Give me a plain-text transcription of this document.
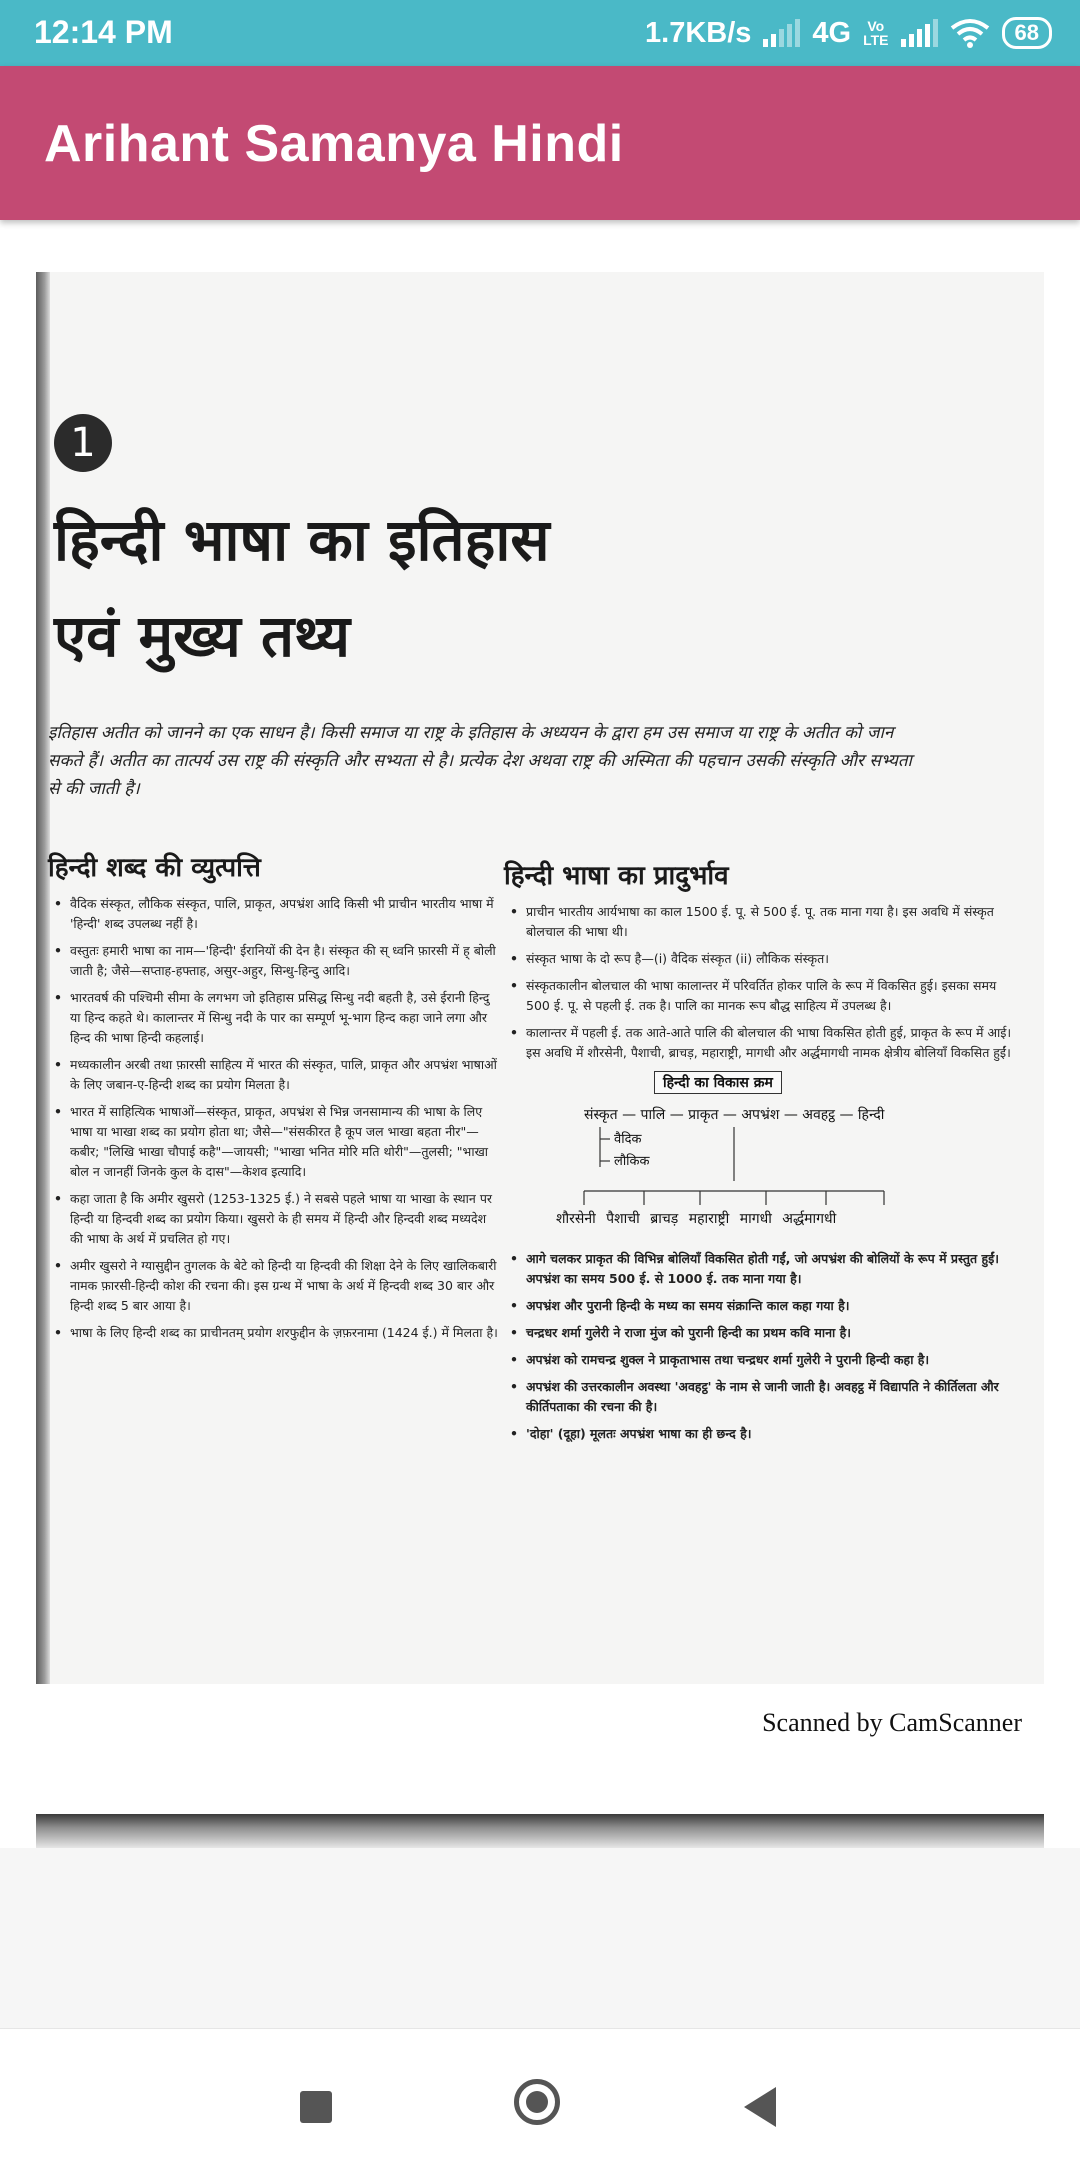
12:14 PM	1.7KB/s 4G	Vo
LTE	68
Arihant Samanya Hindi
1
हिन्दी भाषा का इतिहास
एवं मुख्य तथ्य

इतिहास अतीत को जानने का एक साधन है। किसी समाज या राष्ट्र के इतिहास के अध्ययन के द्वारा हम उस समाज या राष्ट्र के अतीत को जान सकते हैं। अतीत का तात्पर्य उस राष्ट्र की संस्कृति और सभ्यता से है। प्रत्येक देश अथवा राष्ट्र की अस्मिता की पहचान उसकी संस्कृति और सभ्यता से की जाती है।

हिन्दी शब्द की व्युत्पत्ति
• वैदिक संस्कृत, लौकिक संस्कृत, पालि, प्राकृत, अपभ्रंश आदि किसी भी प्राचीन भारतीय भाषा में 'हिन्दी' शब्द उपलब्ध नहीं है।
• वस्तुतः हमारी भाषा का नाम—'हिन्दी' ईरानियों की देन है। संस्कृत की स् ध्वनि फ़ारसी में ह् बोली जाती है; जैसे—सप्ताह-हफ्ताह, असुर-अहुर, सिन्धु-हिन्दु आदि।
• भारतवर्ष की पश्चिमी सीमा के लगभग जो इतिहास प्रसिद्ध सिन्धु नदी बहती है, उसे ईरानी हिन्दु या हिन्द कहते थे। कालान्तर में सिन्धु नदी के पार का सम्पूर्ण भू-भाग हिन्द कहा जाने लगा और हिन्द की भाषा हिन्दी कहलाई।
• मध्यकालीन अरबी तथा फ़ारसी साहित्य में भारत की संस्कृत, पालि, प्राकृत और अपभ्रंश भाषाओं के लिए जबान-ए-हिन्दी शब्द का प्रयोग मिलता है।
• भारत में साहित्यिक भाषाओं—संस्कृत, प्राकृत, अपभ्रंश से भिन्न जनसामान्य की भाषा के लिए भाषा या भाखा शब्द का प्रयोग होता था; जैसे—"संसकीरत है कूप जल भाखा बहता नीर"—कबीर; "लिखि भाखा चौपाई कहै"—जायसी; "भाखा भनित मोरि मति थोरी"—तुलसी; "भाखा बोल न जानहीं जिनके कुल के दास"—केशव इत्यादि।
• कहा जाता है कि अमीर खुसरो (1253-1325 ई.) ने सबसे पहले भाषा या भाखा के स्थान पर हिन्दी या हिन्दवी शब्द का प्रयोग किया। खुसरो के ही समय में हिन्दी और हिन्दवी शब्द मध्यदेश की भाषा के अर्थ में प्रचलित हो गए।
• अमीर खुसरो ने ग्यासुद्दीन तुगलक के बेटे को हिन्दी या हिन्दवी की शिक्षा देने के लिए खालिकबारी नामक फ़ारसी-हिन्दी कोश की रचना की। इस ग्रन्थ में भाषा के अर्थ में हिन्दवी शब्द 30 बार और हिन्दी शब्द 5 बार आया है।
• भाषा के लिए हिन्दी शब्द का प्राचीनतम् प्रयोग शरफुद्दीन के ज़फ़रनामा (1424 ई.) में मिलता है।
हिन्दी भाषा का प्रादुर्भाव
• प्राचीन भारतीय आर्यभाषा का काल 1500 ई. पू. से 500 ई. पू. तक माना गया है। इस अवधि में संस्कृत बोलचाल की भाषा थी।
• संस्कृत भाषा के दो रूप है—(i) वैदिक संस्कृत (ii) लौकिक संस्कृत।
• संस्कृतकालीन बोलचाल की भाषा कालान्तर में परिवर्तित होकर पालि के रूप में विकसित हुई। इसका समय 500 ई. पू. से पहली ई. तक है। पालि का मानक रूप बौद्ध साहित्य में उपलब्ध है।
• कालान्तर में पहली ई. तक आते-आते पालि की बोलचाल की भाषा विकसित होती हुई, प्राकृत के रूप में आई। इस अवधि में शौरसेनी, पैशाची, ब्राचड़, महाराष्ट्री, मागधी और अर्द्धमागधी नामक क्षेत्रीय बोलियाँ विकसित हुईं।
हिन्दी का विकास क्रम
संस्कृत — पालि — प्राकृत — अपभ्रंश — अवहट्ठ — हिन्दी
वैदिक
लौकिक
शौरसेनी पैशाची ब्राचड़ महाराष्ट्री मागधी अर्द्धमागधी
• आगे चलकर प्राकृत की विभिन्न बोलियाँ विकसित होती गईं, जो अपभ्रंश की बोलियों के रूप में प्रस्तुत हुईं। अपभ्रंश का समय 500 ई. से 1000 ई. तक माना गया है।
• अपभ्रंश और पुरानी हिन्दी के मध्य का समय संक्रान्ति काल कहा गया है।
• चन्द्रधर शर्मा गुलेरी ने राजा मुंज को पुरानी हिन्दी का प्रथम कवि माना है।
• अपभ्रंश को रामचन्द्र शुक्ल ने प्राकृताभास तथा चन्द्रधर शर्मा गुलेरी ने पुरानी हिन्दी कहा है।
• अपभ्रंश की उत्तरकालीन अवस्था 'अवहट्ठ' के नाम से जानी जाती है। अवहट्ठ में विद्यापति ने कीर्तिलता और कीर्तिपताका की रचना की है।
• 'दोहा' (दूहा) मूलतः अपभ्रंश भाषा का ही छन्द है।
Scanned by CamScanner
